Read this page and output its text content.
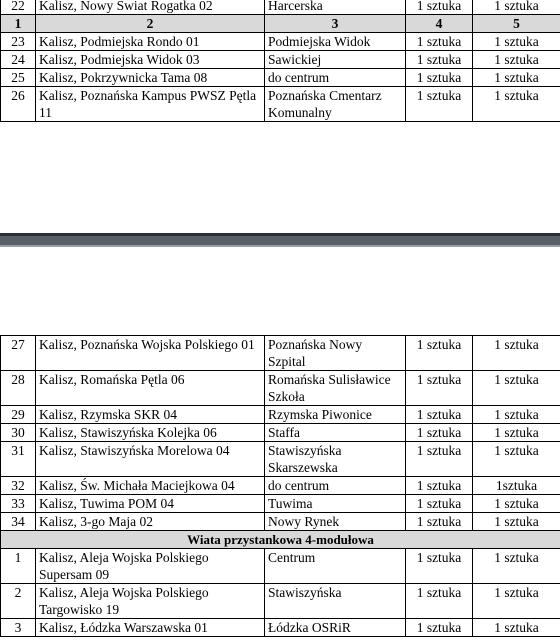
22	Kalisz, Nowy Świat Rogatka 02	Harcerska	1 sztuka	1 sztuka
1	2	3	4	5
23	Kalisz, Podmiejska Rondo 01	Podmiejska Widok	1 sztuka	1 sztuka
24	Kalisz, Podmiejska Widok 03	Sawickiej	1 sztuka	1 sztuka
25	Kalisz, Pokrzywnicka Tama 08	do centrum	1 sztuka	1 sztuka
26	Kalisz, Poznańska Kampus PWSZ Pętla 11	Poznańska Cmentarz Komunalny	1 sztuka	1 sztuka
27	Kalisz, Poznańska Wojska Polskiego 01	Poznańska Nowy Szpital	1 sztuka	1 sztuka
28	Kalisz, Romańska Pętla 06	Romańska Sulisławice Szkoła	1 sztuka	1 sztuka
29	Kalisz, Rzymska SKR 04	Rzymska Piwonice	1 sztuka	1 sztuka
30	Kalisz, Stawiszyńska Kolejka 06	Staffa	1 sztuka	1 sztuka
31	Kalisz, Stawiszyńska Morelowa 04	Stawiszyńska Skarszewska	1 sztuka	1 sztuka
32	Kalisz, Św. Michała Maciejkowa 04	do centrum	1 sztuka	1sztuka
33	Kalisz, Tuwima POM 04	Tuwima	1 sztuka	1 sztuka
34	Kalisz, 3-go Maja 02	Nowy Rynek	1 sztuka	1 sztuka
Wiata przystankowa 4-modułowa				
1	Kalisz, Aleja Wojska Polskiego Supersam 09	Centrum	1 sztuka	1 sztuka
2	Kalisz, Aleja Wojska Polskiego Targowisko 19	Stawiszyńska	1 sztuka	1 sztuka
3	Kalisz, Łódzka Warszawska 01	Łódzka OSRiR	1 sztuka	1 sztuka
